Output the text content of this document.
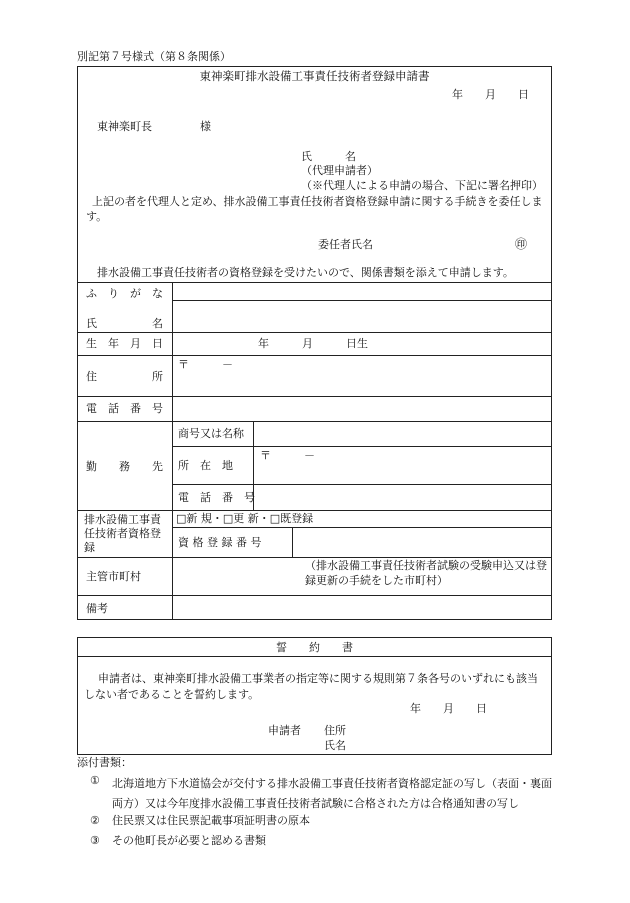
別記第７号様式（第８条関係）
東神楽町排水設備工事責任技術者登録申請書
年　　月　　日
東神楽町長	様
氏　　　名
（代理申請者）
（※代理人による申請の場合、下記に署名押印）
上記の者を代理人と定め、排水設備工事責任技術者資格登録申請に関する手続きを委任します。
委任者氏名	㊞
排水設備工事責任技術者の資格登録を受けたいので、関係書類を添えて申請します。
ふ　り　が　な
氏　　　　　名
生　年　月　日	年　　　月　　　日生
住　　　　　所
〒　　　－
電　話　番　号
勤　　務　　先
商号又は名称
所　在　地
〒　　　－
電　話　番　号
排水設備工事責任技術者資格登録
□新 規・□更 新・□既登録
資 格 登 録 番 号
主管市町村
（排水設備工事責任技術者試験の受験申込又は登録更新の手続をした市町村）
備考
誓　　約　　書
申請者は、東神楽町排水設備工事業者の指定等に関する規則第７条各号のいずれにも該当しない者であることを誓約します。
年　　月　　日
申請者 住所
氏名
添付書類：
① 北海道地方下水道協会が交付する排水設備工事責任技術者資格認定証の写し（表面・裏面両方）又は今年度排水設備工事責任技術者試験に合格された方は合格通知書の写し
② 住民票又は住民票記載事項証明書の原本
③ その他町長が必要と認める書類
